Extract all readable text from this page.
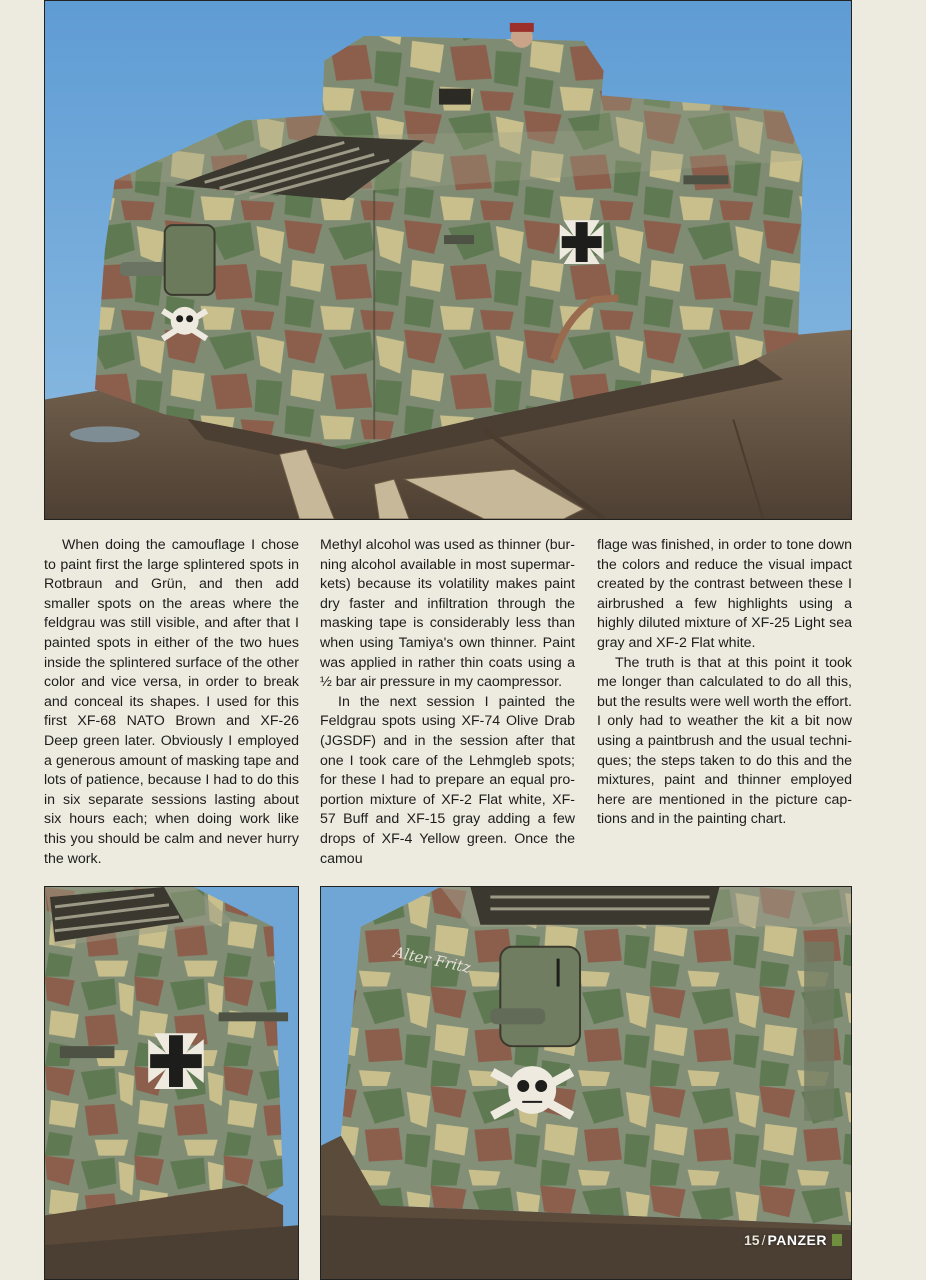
When doing the camouflage I chose to paint first the large splintered spots in Rotbraun and Grün, and then add smaller spots on the areas where the feldgrau was still visible, and after that I painted spots in either of the two hues inside the splintered surface of the other color and vice versa, in order to break and conceal its shapes. I used for this first XF-68 NATO Brown and XF-26 Deep green later. Obviously I employed a generous amount of masking tape and lots of patience, because I had to do this in six separate sessions lasting about six hours each; when doing work like this you should be calm and never hurry the work.

Methyl alcohol was used as thinner (burning alcohol available in most supermarkets) because its volatility makes paint dry faster and infiltration through the masking tape is considerably less than when using Tamiya's own thinner. Paint was applied in rather thin coats using a ½ bar air pressure in my caompressor.

In the next session I painted the Feldgrau spots using XF-74 Olive Drab (JGSDF) and in the session after that one I took care of the Lehmgleb spots; for these I had to prepare an equal proportion mixture of XF-2 Flat white, XF-57 Buff and XF-15 gray adding a few drops of XF-4 Yellow green. Once the camou

flage was finished, in order to tone down the colors and reduce the visual impact created by the contrast between these I airbrushed a few highlights using a highly diluted mixture of XF-25 Light sea gray and XF-2 Flat white.

The truth is that at this point it took me longer than calculated to do all this, but the results were well worth the effort. I only had to weather the kit a bit now using a paintbrush and the usual techniques; the steps taken to do this and the mixtures, paint and thinner employed here are mentioned in the picture captions and in the painting chart.

Alter Fritz
15 / PANZER
